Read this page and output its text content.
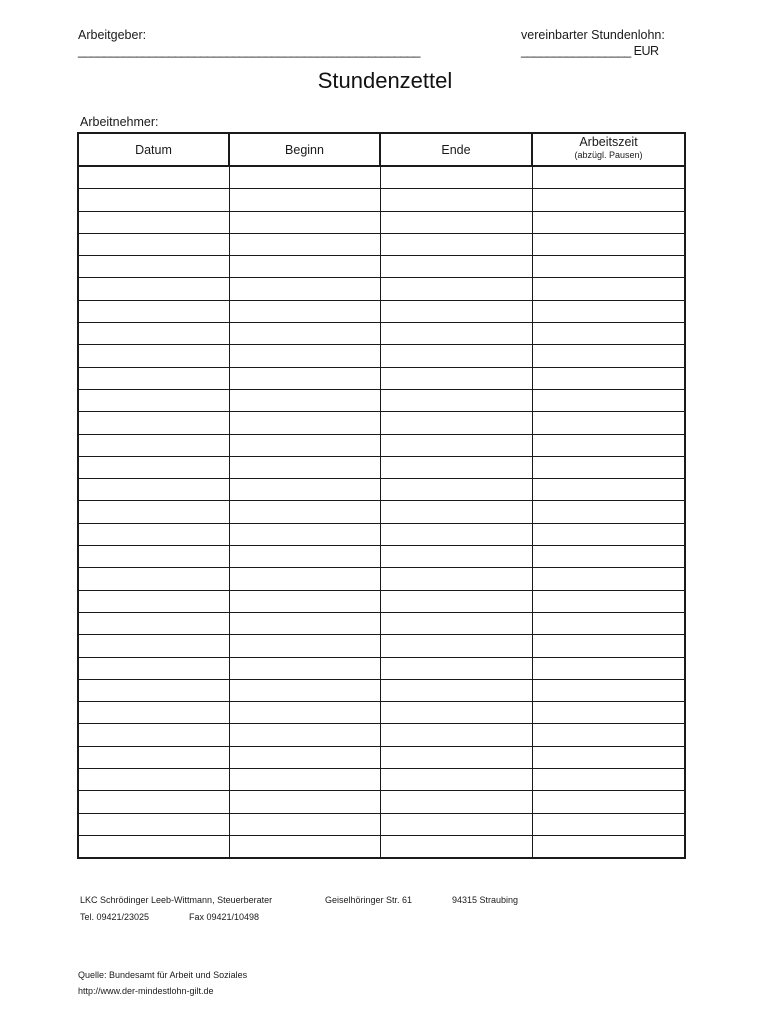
Arbeitgeber:
_____________________________________________________
vereinbarter Stundenlohn:
_________________ EUR
Stundenzettel
Arbeitnehmer:
Datum	Beginn	Ende	Arbeitszeit
(abzügl. Pausen)

LKC Schrödinger Leeb-Wittmann, Steuerberater	Geiselhöringer Str. 61	94315 Straubing
Tel. 09421/23025	Fax 09421/10498
Quelle: Bundesamt für Arbeit und Soziales
http://www.der-mindestlohn-gilt.de
